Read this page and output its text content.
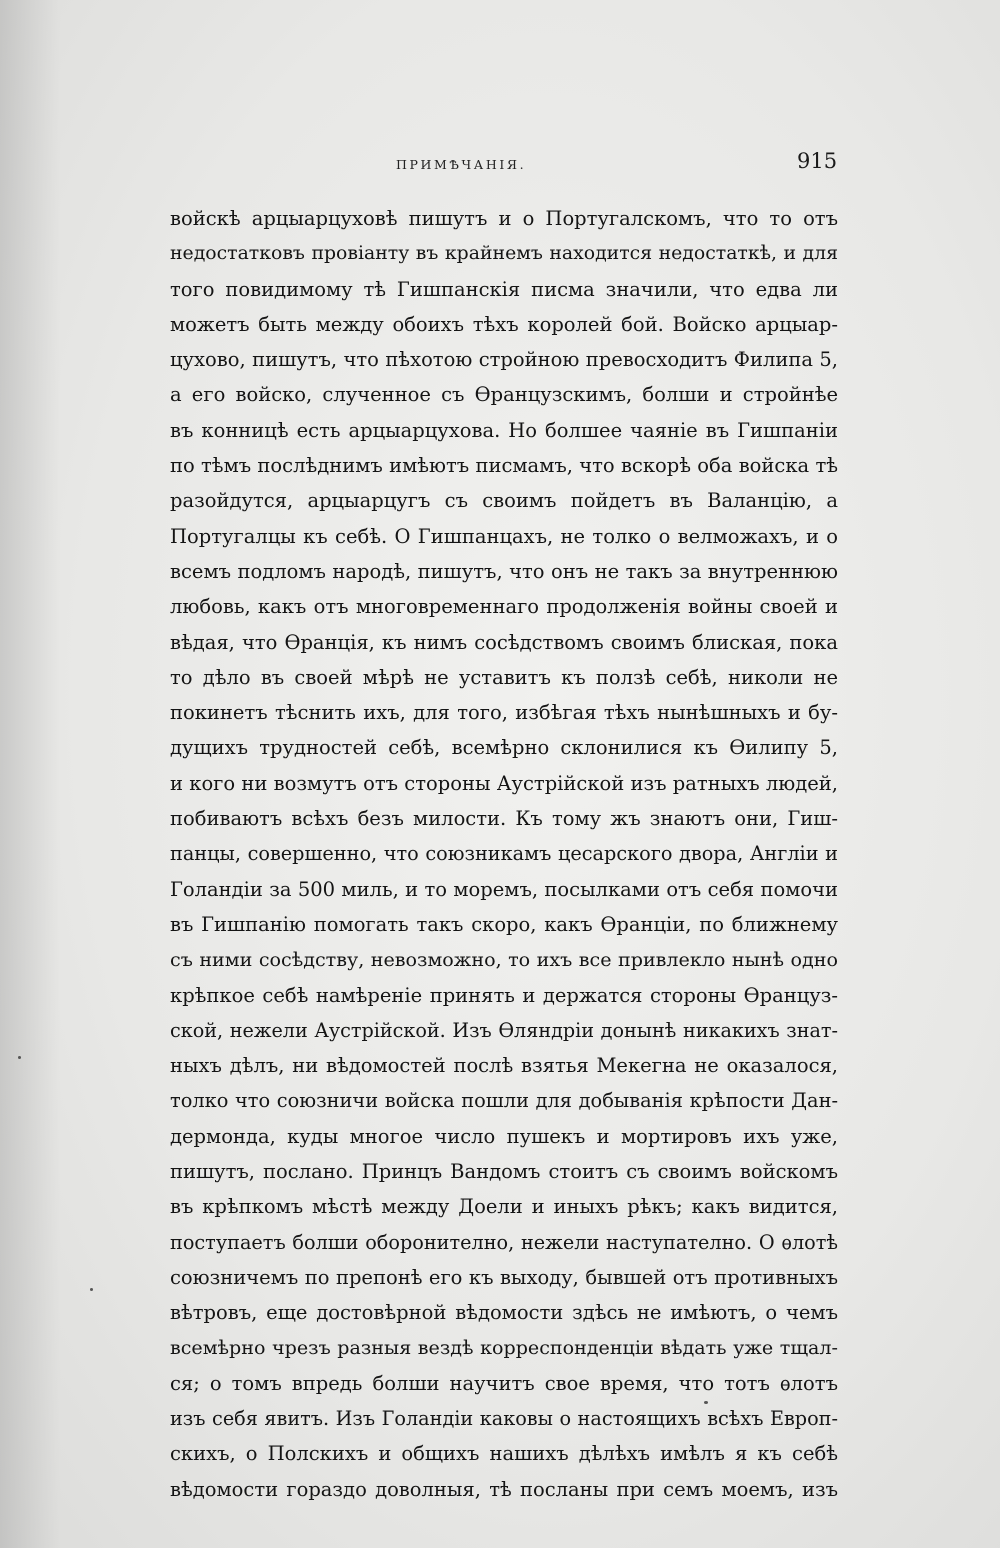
ПРИМѢЧАНІЯ.	915
войскѣ арцыарцуховѣ пишутъ и о Португалскомъ, что то отъ
недостатковъ провіанту въ крайнемъ находится недостаткѣ, и для
того повидимому тѣ Гишпанскія писма значили, что едва ли
можетъ быть между обоихъ тѣхъ королей бой. Войско арцыар-
цухово, пишутъ, что пѣхотою стройною превосходитъ Филипа 5,
а его войско, слученное съ Ѳранцузскимъ, болши и стройнѣе
въ конницѣ есть арцыарцухова. Но болшее чаяніе въ Гишпаніи
по тѣмъ послѣднимъ имѣютъ писмамъ, что вскорѣ оба войска тѣ
разойдутся, арцыарцугъ съ своимъ пойдетъ въ Валанцію, а
Португалцы къ себѣ. О Гишпанцахъ, не толко о велможахъ, и о
всемъ подломъ народѣ, пишутъ, что онъ не такъ за внутреннюю
любовь, какъ отъ многовременнаго продолженія войны своей и
вѣдая, что Ѳранція, къ нимъ сосѣдствомъ своимъ блиская, пока
то дѣло въ своей мѣрѣ не уставитъ къ ползѣ себѣ, николи не
покинетъ тѣснить ихъ, для того, избѣгая тѣхъ нынѣшныхъ и бу-
дущихъ трудностей себѣ, всемѣрно склонилися къ Ѳилипу 5,
и кого ни возмутъ отъ стороны Аустрійской изъ ратныхъ людей,
побиваютъ всѣхъ безъ милости. Къ тому жъ знаютъ они, Гиш-
панцы, совершенно, что союзникамъ цесарского двора, Англіи и
Голандіи за 500 миль, и то моремъ, посылками отъ себя помочи
въ Гишпанію помогать такъ скоро, какъ Ѳранціи, по ближнему
съ ними сосѣдству, невозможно, то ихъ все привлекло нынѣ одно
крѣпкое себѣ намѣреніе принять и держатся стороны Ѳранцуз-
ской, нежели Аустрійской. Изъ Ѳляндріи донынѣ никакихъ знат-
ныхъ дѣлъ, ни вѣдомостей послѣ взятья Мекегна не оказалося,
толко что союзничи войска пошли для добыванія крѣпости Дан-
дермонда, куды многое число пушекъ и мортировъ ихъ уже,
пишутъ, послано. Принцъ Вандомъ стоитъ съ своимъ войскомъ
въ крѣпкомъ мѣстѣ между Доели и иныхъ рѣкъ; какъ видится,
поступаетъ болши оборонително, нежели наступателно. О ѳлотѣ
союзничемъ по препонѣ его къ выходу, бывшей отъ противныхъ
вѣтровъ, еще достовѣрной вѣдомости здѣсь не имѣютъ, о чемъ
всемѣрно чрезъ разныя вездѣ корреспонденціи вѣдать уже тщал-
ся; о томъ впредь болши научитъ свое время, что тотъ ѳлотъ
изъ себя явитъ. Изъ Голандіи каковы о настоящихъ всѣхъ Европ-
скихъ, о Полскихъ и общихъ нашихъ дѣлѣхъ имѣлъ я къ себѣ
вѣдомости гораздо доволныя, тѣ посланы при семъ моемъ, изъ
